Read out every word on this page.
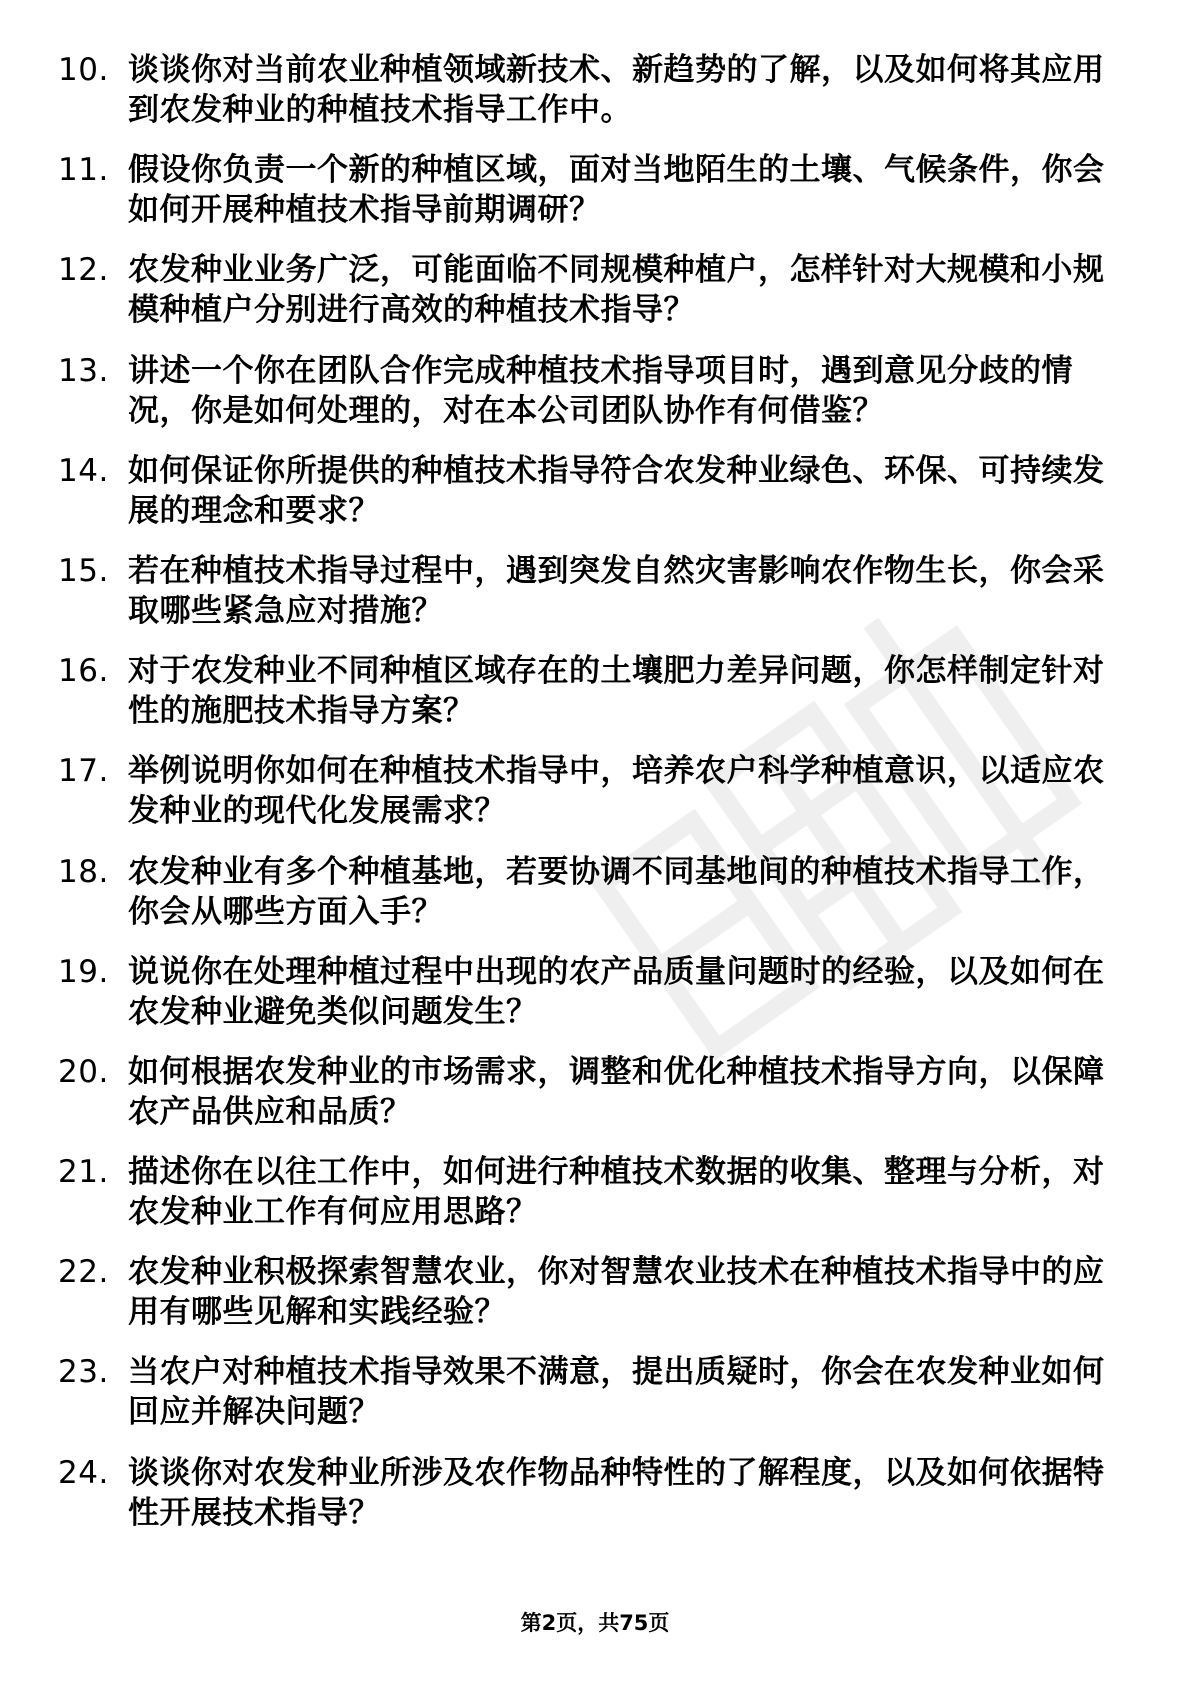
10. 谈谈你对当前农业种植领域新技术、新趋势的了解，以及如何将其应用到农发种业的种植技术指导工作中。
11. 假设你负责一个新的种植区域，面对当地陌生的土壤、气候条件，你会如何开展种植技术指导前期调研？
12. 农发种业业务广泛，可能面临不同规模种植户，怎样针对大规模和小规模种植户分别进行高效的种植技术指导？
13. 讲述一个你在团队合作完成种植技术指导项目时，遇到意见分歧的情况，你是如何处理的，对在本公司团队协作有何借鉴？
14. 如何保证你所提供的种植技术指导符合农发种业绿色、环保、可持续发展的理念和要求？
15. 若在种植技术指导过程中，遇到突发自然灾害影响农作物生长，你会采取哪些紧急应对措施？
16. 对于农发种业不同种植区域存在的土壤肥力差异问题，你怎样制定针对性的施肥技术指导方案？
17. 举例说明你如何在种植技术指导中，培养农户科学种植意识，以适应农发种业的现代化发展需求？
18. 农发种业有多个种植基地，若要协调不同基地间的种植技术指导工作，你会从哪些方面入手？
19. 说说你在处理种植过程中出现的农产品质量问题时的经验，以及如何在农发种业避免类似问题发生？
20. 如何根据农发种业的市场需求，调整和优化种植技术指导方向，以保障农产品供应和品质？
21. 描述你在以往工作中，如何进行种植技术数据的收集、整理与分析，对农发种业工作有何应用思路？
22. 农发种业积极探索智慧农业，你对智慧农业技术在种植技术指导中的应用有哪些见解和实践经验？
23. 当农户对种植技术指导效果不满意，提出质疑时，你会在农发种业如何回应并解决问题？
24. 谈谈你对农发种业所涉及农作物品种特性的了解程度，以及如何依据特性开展技术指导？
第2页，共75页
